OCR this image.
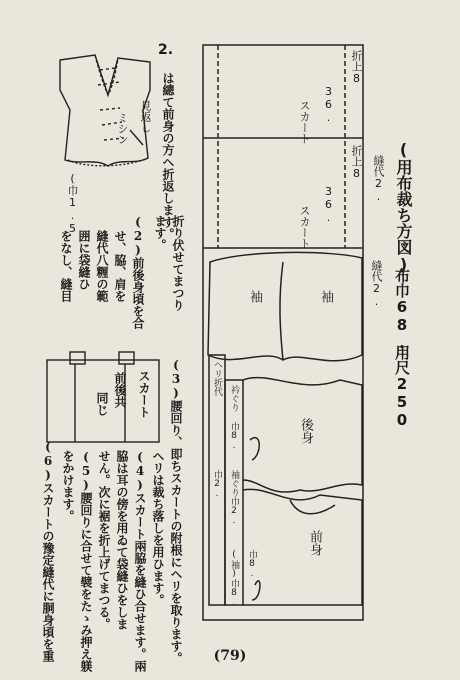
は總て前身の方へ折返します。
2.
見返し
ミシン
(巾1.5
折り伏せてまつり
ます。
(2)前後身頃を合
せ、脇、肩を
縫代八糎の範
囲に袋縫ひ
をなし、縫目
スカート
前後共
同じ	(3)腰回り、即ちスカートの附根にヘリを取ります。
ヘリは裁ち落しを用ひます。
(4)スカート兩脇を縫ひ合せます。兩
脇は耳の傍を用ゐて袋縫ひをしま
せん。次に裾を折上げてまつる。
(5)腰回りに合せて襞をたゝみ押え躾
をかけます。
(6)スカートの豫定縫代に胴身頃を重
(用布裁ち方図)
布巾68.
用尺250
縫代2.
縫代2.
折上8
折上8
36.
36.
スカート
スカート
袖
袖
後身
前身
ヘリ折代
衿ぐり 巾8.
袖ぐり巾2.
巾2.
(袖)巾8. 巾8.
(79)
